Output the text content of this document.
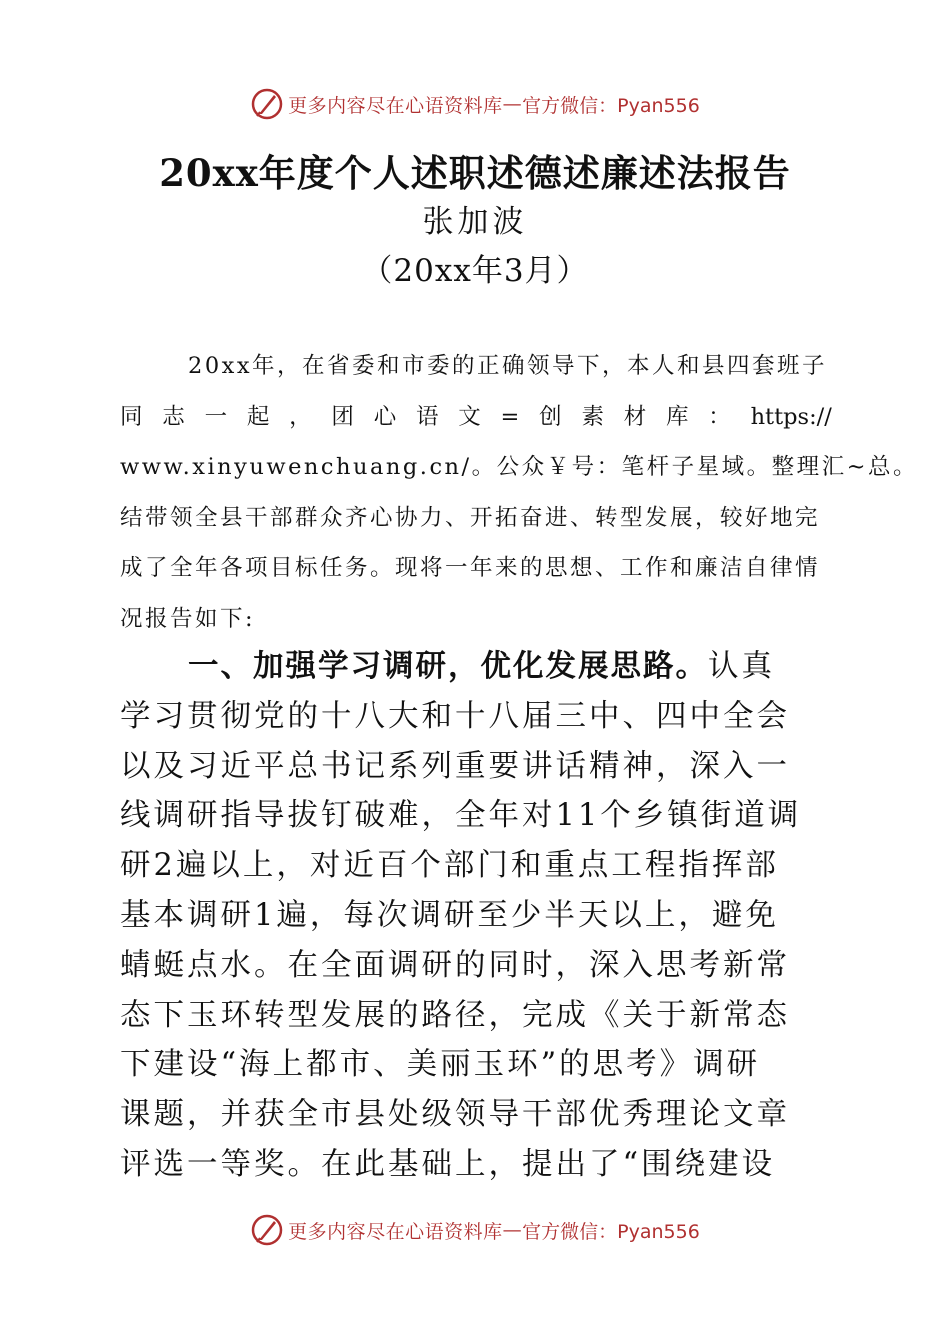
更多内容尽在心语资料库 — 官方微信：Pyan556
20xx年度个人述职述德述廉述法报告
张加波
（20xx年3月）
20xx年，在省委和市委的正确领导下，本人和县四套班子
同 志 一 起 ， 团 心 语 文 = 创 素 材 库 ： https://
www.xinyuwenchuang.cn/。公众￥号：笔杆子星域。整理汇~总。
结带领全县干部群众齐心协力、开拓奋进、转型发展，较好地完
成了全年各项目标任务。现将一年来的思想、工作和廉洁自律情
况报告如下:
一、加强学习调研，优化发展思路。认真
学习贯彻党的十八大和十八届三中、四中全会
以及习近平总书记系列重要讲话精神，深入一
线调研指导拔钉破难，全年对11个乡镇街道调
研2遍以上，对近百个部门和重点工程指挥部
基本调研1遍，每次调研至少半天以上，避免
蜻蜓点水。在全面调研的同时，深入思考新常
态下玉环转型发展的路径，完成《关于新常态
下建设“海上都市、美丽玉环”的思考》调研
课题，并获全市县处级领导干部优秀理论文章
评选一等奖。在此基础上，提出了“围绕建设
更多内容尽在心语资料库 — 官方微信：Pyan556
